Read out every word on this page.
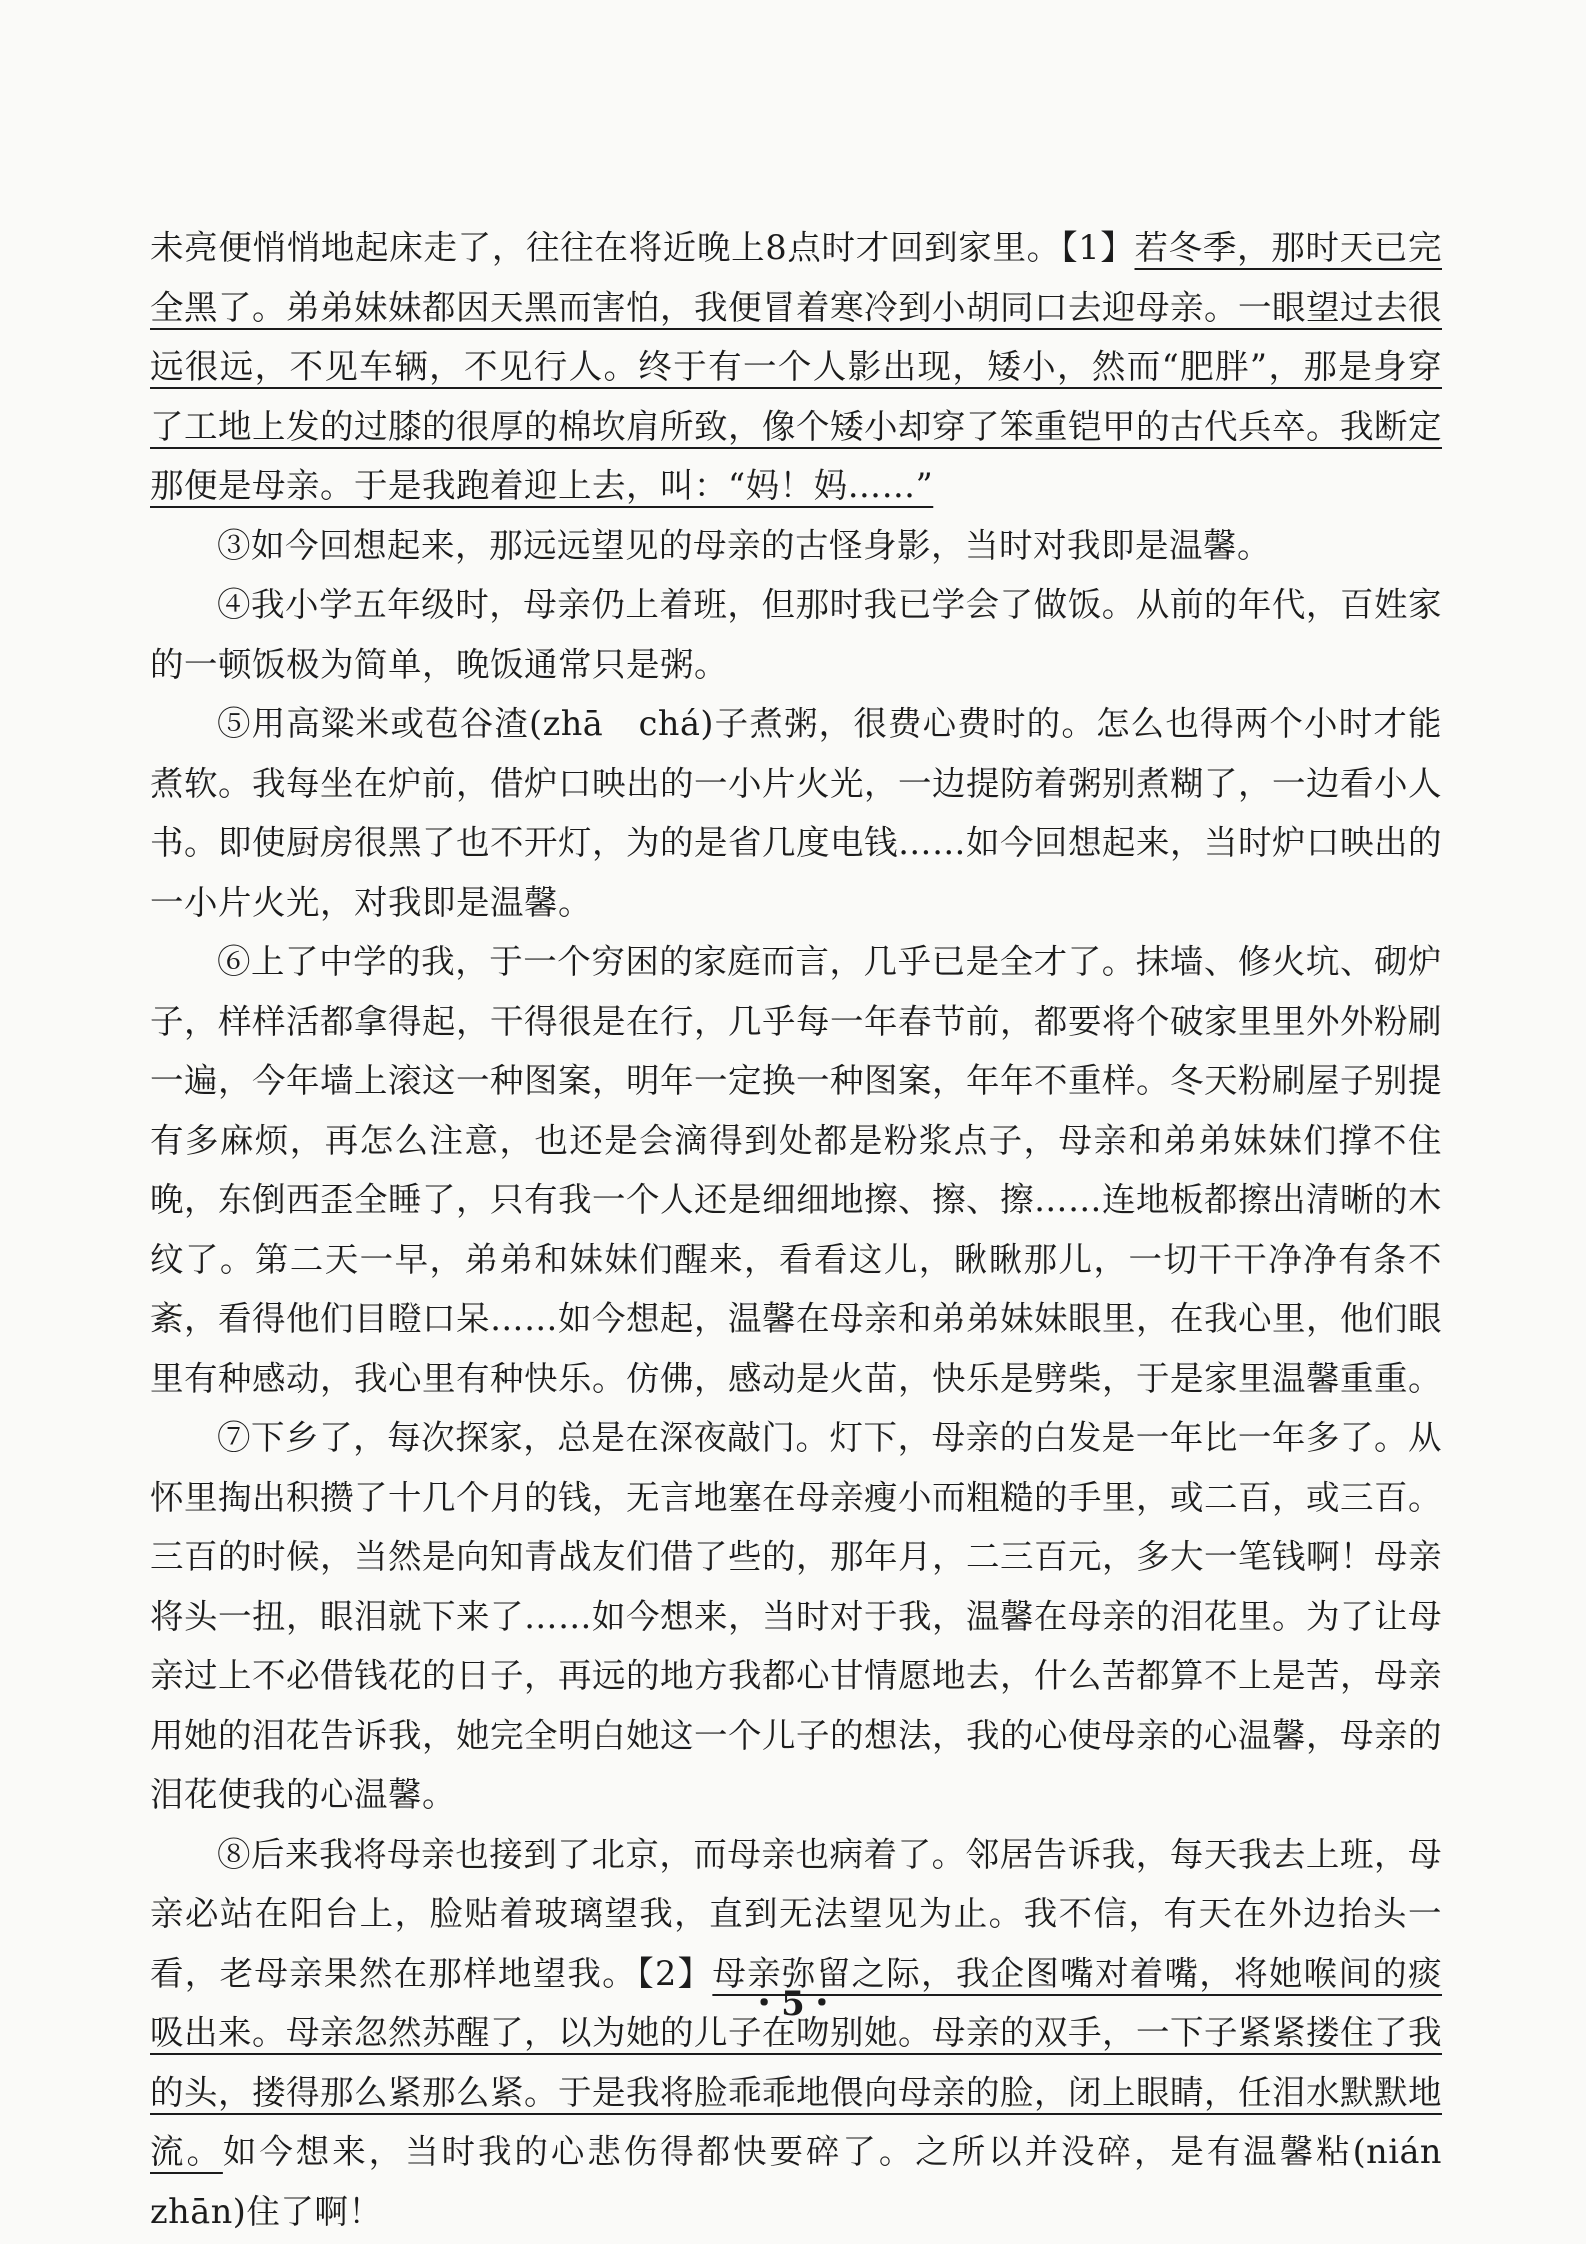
未亮便悄悄地起床走了，往往在将近晚上8点时才回到家里。【1】若冬季，那时天已完全黑了。弟弟妹妹都因天黑而害怕，我便冒着寒冷到小胡同口去迎母亲。一眼望过去很远很远，不见车辆，不见行人。终于有一个人影出现，矮小，然而“肥胖”，那是身穿了工地上发的过膝的很厚的棉坎肩所致，像个矮小却穿了笨重铠甲的古代兵卒。我断定那便是母亲。于是我跑着迎上去，叫：“妈！妈……”

③如今回想起来，那远远望见的母亲的古怪身影，当时对我即是温馨。

④我小学五年级时，母亲仍上着班，但那时我已学会了做饭。从前的年代，百姓家的一顿饭极为简单，晚饭通常只是粥。

⑤用高粱米或苞谷渣(zhā　chá)子煮粥，很费心费时的。怎么也得两个小时才能煮软。我每坐在炉前，借炉口映出的一小片火光，一边提防着粥别煮糊了，一边看小人书。即使厨房很黑了也不开灯，为的是省几度电钱……如今回想起来，当时炉口映出的一小片火光，对我即是温馨。

⑥上了中学的我，于一个穷困的家庭而言，几乎已是全才了。抹墙、修火坑、砌炉子，样样活都拿得起，干得很是在行，几乎每一年春节前，都要将个破家里里外外粉刷一遍，今年墙上滚这一种图案，明年一定换一种图案，年年不重样。冬天粉刷屋子别提有多麻烦，再怎么注意，也还是会滴得到处都是粉浆点子，母亲和弟弟妹妹们撑不住晚，东倒西歪全睡了，只有我一个人还是细细地擦、擦、擦……连地板都擦出清晰的木纹了。第二天一早，弟弟和妹妹们醒来，看看这儿，瞅瞅那儿，一切干干净净有条不紊，看得他们目瞪口呆……如今想起，温馨在母亲和弟弟妹妹眼里，在我心里，他们眼里有种感动，我心里有种快乐。仿佛，感动是火苗，快乐是劈柴，于是家里温馨重重。

⑦下乡了，每次探家，总是在深夜敲门。灯下，母亲的白发是一年比一年多了。从怀里掏出积攒了十几个月的钱，无言地塞在母亲瘦小而粗糙的手里，或二百，或三百。三百的时候，当然是向知青战友们借了些的，那年月，二三百元，多大一笔钱啊！母亲将头一扭，眼泪就下来了……如今想来，当时对于我，温馨在母亲的泪花里。为了让母亲过上不必借钱花的日子，再远的地方我都心甘情愿地去，什么苦都算不上是苦，母亲用她的泪花告诉我，她完全明白她这一个儿子的想法，我的心使母亲的心温馨，母亲的泪花使我的心温馨。

⑧后来我将母亲也接到了北京，而母亲也病着了。邻居告诉我，每天我去上班，母亲必站在阳台上，脸贴着玻璃望我，直到无法望见为止。我不信，有天在外边抬头一看，老母亲果然在那样地望我。【2】母亲弥留之际，我企图嘴对着嘴，将她喉间的痰吸出来。母亲忽然苏醒了，以为她的儿子在吻别她。母亲的双手，一下子紧紧搂住了我的头，搂得那么紧那么紧。于是我将脸乖乖地偎向母亲的脸，闭上眼睛，任泪水默默地流。如今想来，当时我的心悲伤得都快要碎了。之所以并没碎，是有温馨粘(nián zhān)住了啊！

・5・
